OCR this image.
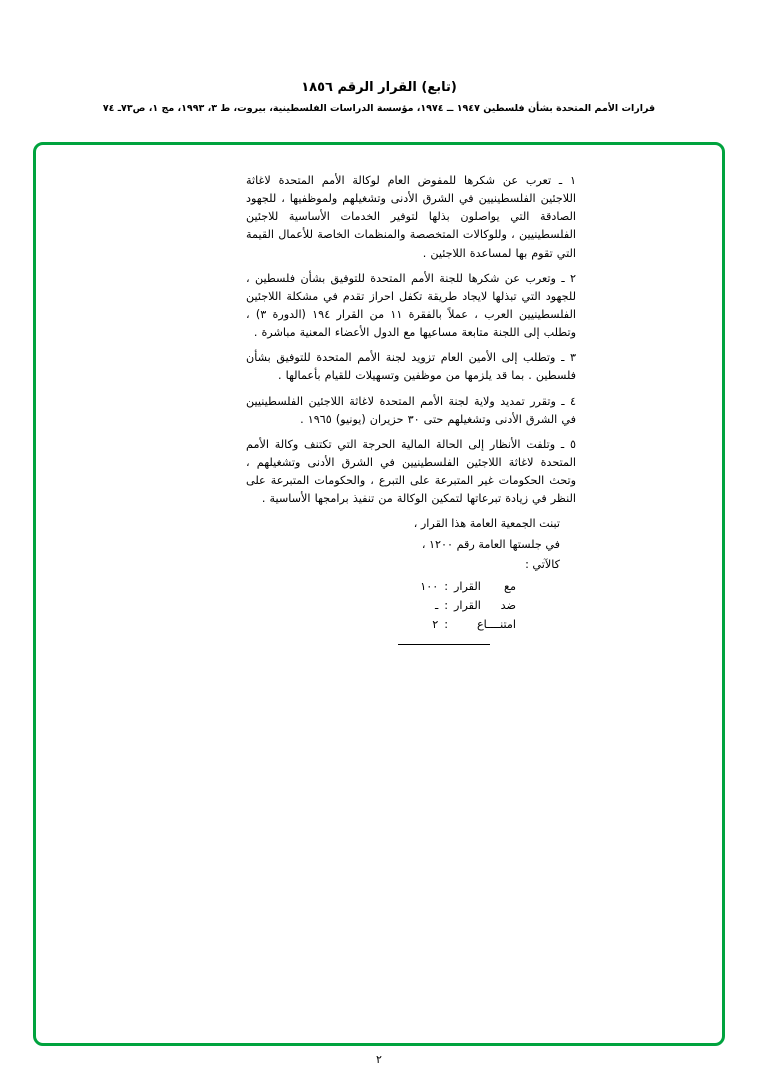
(تابع) القرار الرقم ١٨٥٦
قرارات الأمم المتحدة بشأن فلسطين ١٩٤٧ ــ ١٩٧٤، مؤسسة الدراسات الفلسطينية، بيروت، ط ٣، ١٩٩٣، مج ١، ص٧٣ـ ٧٤

١ ـ تعرب عن شكرها للمفوض العام لوكالة الأمم المتحدة لاغاثة اللاجئين الفلسطينيين في الشرق الأدنى وتشغيلهم ولموظفيها ، للجهود الصادقة التي يواصلون بذلها لتوفير الخدمات الأساسية للاجئين الفلسطينيين ، وللوكالات المتخصصة والمنظمات الخاصة للأعمال القيمة التي تقوم بها لمساعدة اللاجئين .

٢ ـ وتعرب عن شكرها للجنة الأمم المتحدة للتوفيق بشأن فلسطين ، للجهود التي تبذلها لايجاد طريقة تكفل احراز تقدم في مشكلة اللاجئين الفلسطينيين العرب ، عملاً بالفقرة ١١ من القرار ١٩٤ (الدورة ٣) ، وتطلب إلى اللجنة متابعة مساعيها مع الدول الأعضاء المعنية مباشرة .

٣ ـ وتطلب إلى الأمين العام تزويد لجنة الأمم المتحدة للتوفيق بشأن فلسطين . بما قد يلزمها من موظفين وتسهيلات للقيام بأعمالها .

٤ ـ وتقرر تمديد ولاية لجنة الأمم المتحدة لاغاثة اللاجئين الفلسطينيين في الشرق الأدنى وتشغيلهم حتى ٣٠ حزيران (يونيو) ١٩٦٥ .

٥ ـ وتلفت الأنظار إلى الحالة المالية الحرجة التي تكتنف وكالة الأمم المتحدة لاغاثة اللاجئين الفلسطينيين في الشرق الأدنى وتشغيلهم ، وتحث الحكومات غير المتبرعة على التبرع ، والحكومات المتبرعة على النظر في زيادة تبرعاتها لتمكين الوكالة من تنفيذ برامجها الأساسية .

تبنت الجمعية العامة هذا القرار ،
في جلستها العامة رقم ١٢٠٠ ،
كالآتي :
مع القرار
:
١٠٠
ضد القرار
:
ـ
امتنــــاع
:
٢
٢
